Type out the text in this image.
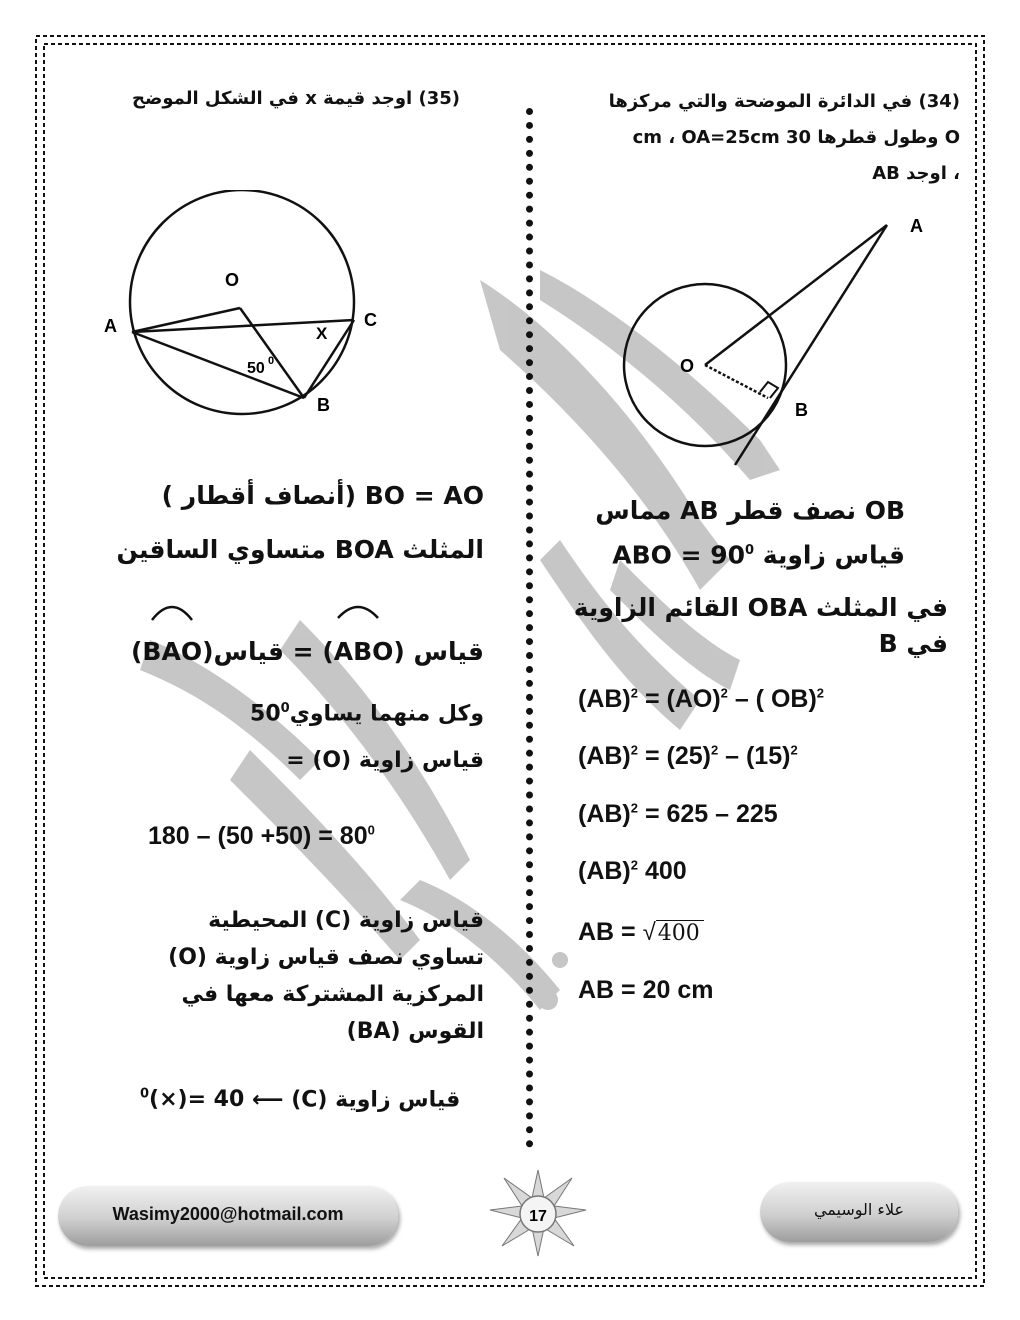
(34) في الدائرة الموضحة والتي مركزها
O وطول قطرها 30 cm ، OA=25cm
، اوجد AB
(35) اوجد قيمة x في الشكل الموضح
A
O
B
O
A	C
B
X
50 0
OB نصف قطر AB مماس
قياس زاوية ABO = $90^0$
في المثلث OBA القائم الزاوية
في B
(AB)$^2$ = (AO)$^2$ – ( OB)$^2$
$(AB)^2 = (25)^2 - (15)^2$
(AB)$^2$ = 625 – 225
(AB)$^2$ 400
AB = √400
AB = 20 cm
BO = AO (أنصاف أقطار )
المثلث BOA متساوي الساقين
قياس (ABO) = قياس(BAO)
وكل منهما $يساوي50^0$
قياس زاوية (O) =
$180 - (50 +50) = 80^0$
قياس زاوية (C) المحيطية
تساوي نصف قياس زاوية (O)
المركزية المشتركة معها في
القوس (BA)
$^0$(×)= 40 ⟵ قياس زاوية (C)
Wasimy2000@hotmail.com	علاء الوسيمي
17
